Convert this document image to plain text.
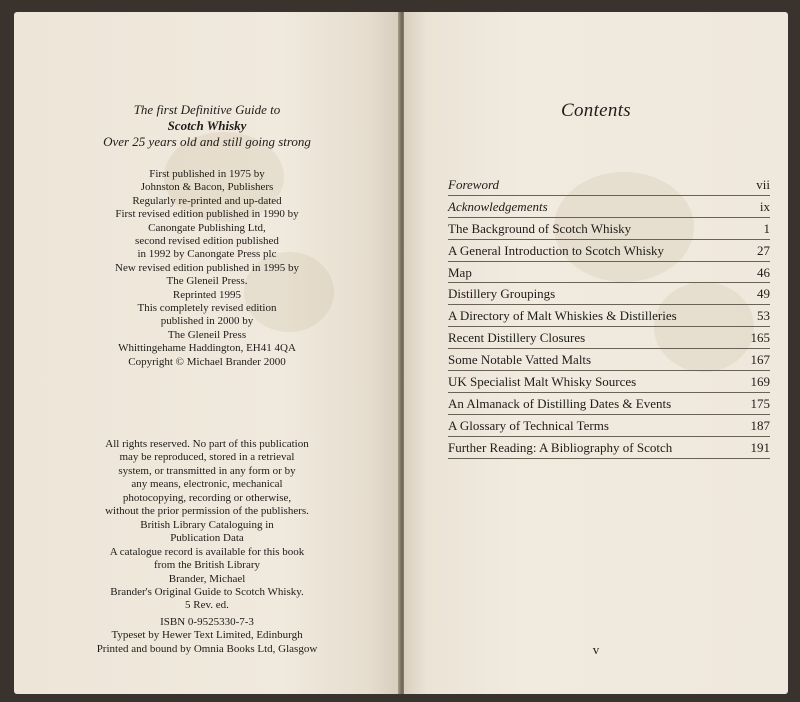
The first Definitive Guide to
Scotch Whisky
Over 25 years old and still going strong
First published in 1975 by
Johnston & Bacon, Publishers
Regularly re-printed and up-dated
First revised edition published in 1990 by
Canongate Publishing Ltd,
second revised edition published
in 1992 by Canongate Press plc
New revised edition published in 1995 by
The Gleneil Press.
Reprinted 1995
This completely revised edition
published in 2000 by
The Gleneil Press
Whittingehame Haddington, EH41 4QA
Copyright © Michael Brander 2000
All rights reserved. No part of this publication
may be reproduced, stored in a retrieval
system, or transmitted in any form or by
any means, electronic, mechanical
photocopying, recording or otherwise,
without the prior permission of the publishers.
British Library Cataloguing in
Publication Data
A catalogue record is available for this book
from the British Library
Brander, Michael
Brander's Original Guide to Scotch Whisky.
5 Rev. ed.
ISBN 0-9525330-7-3
Typeset by Hewer Text Limited, Edinburgh
Printed and bound by Omnia Books Ltd, Glasgow
Contents
Foreword	vii
Acknowledgements	ix
The Background of Scotch Whisky	1
A General Introduction to Scotch Whisky	27
Map	46
Distillery Groupings	49
A Directory of Malt Whiskies & Distilleries	53
Recent Distillery Closures	165
Some Notable Vatted Malts	167
UK Specialist Malt Whisky Sources	169
An Almanack of Distilling Dates & Events	175
A Glossary of Technical Terms	187
Further Reading: A Bibliography of Scotch	191
v
